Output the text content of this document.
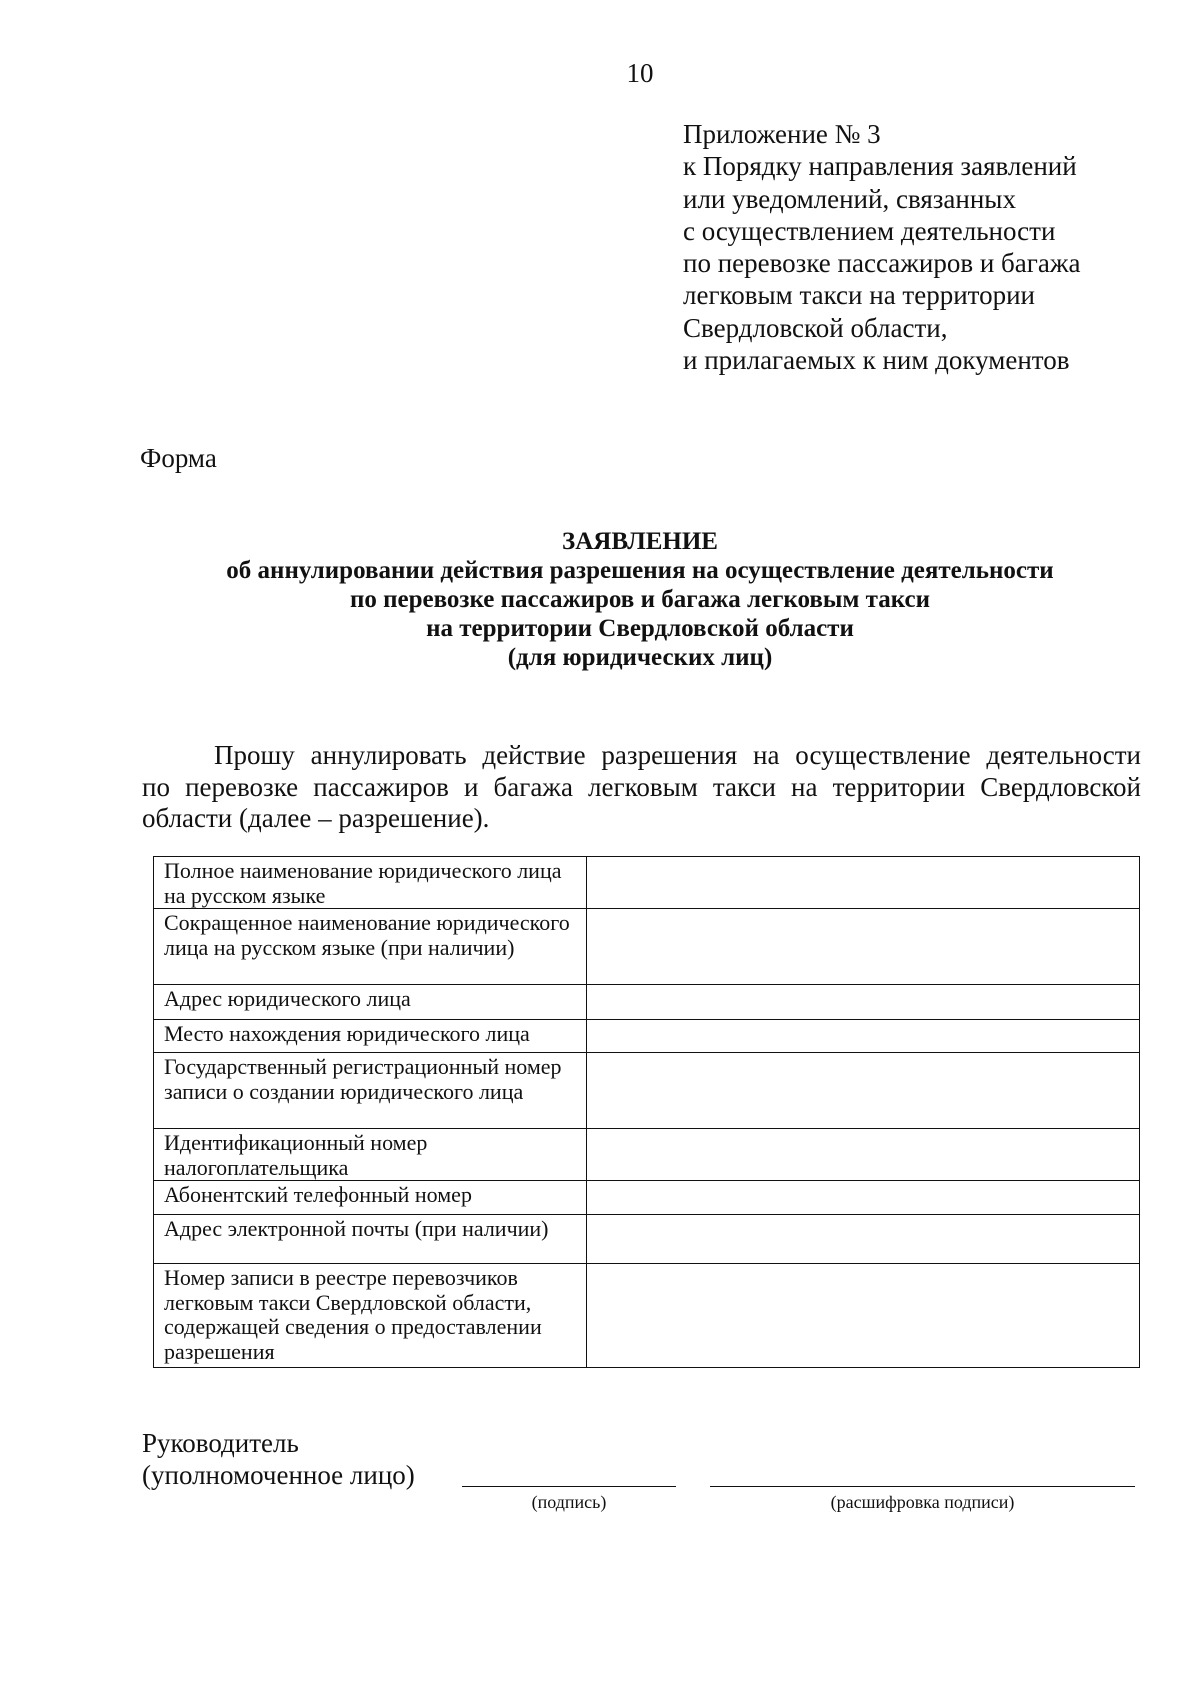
10
Приложение № 3
к Порядку направления заявлений
или уведомлений, связанных
с осуществлением деятельности
по перевозке пассажиров и багажа
легковым такси на территории
Свердловской области,
и прилагаемых к ним документов
Форма
ЗАЯВЛЕНИЕ
об аннулировании действия разрешения на осуществление деятельности
по перевозке пассажиров и багажа легковым такси
на территории Свердловской области
(для юридических лиц)
Прошу аннулировать действие разрешения на осуществление деятельности
по перевозке пассажиров и багажа легковым такси на территории Свердловской
области (далее – разрешение).
Полное наименование юридического лица на русском языке	
Сокращенное наименование юридического лица на русском языке (при наличии)	
Адрес юридического лица	
Место нахождения юридического лица	
Государственный регистрационный номер записи о создании юридического лица	
Идентификационный номер налогоплательщика	
Абонентский телефонный номер	
Адрес электронной почты (при наличии)	
Номер записи в реестре перевозчиков легковым такси Свердловской области, содержащей сведения о предоставлении разрешения	
Руководитель
(уполномоченное лицо)
(подпись)	(расшифровка подписи)
